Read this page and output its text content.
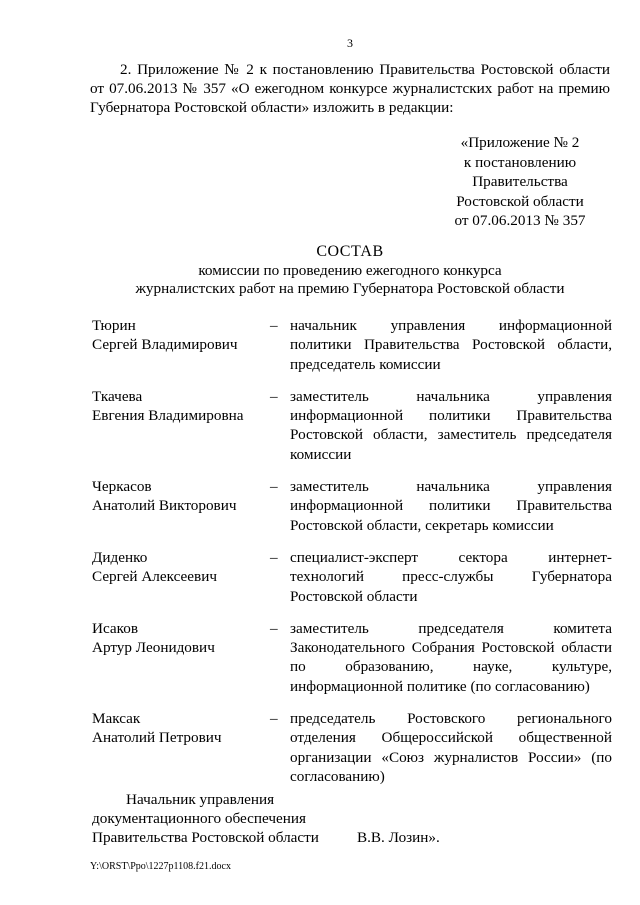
3
2. Приложение № 2 к постановлению Правительства Ростовской области от 07.06.2013 № 357 «О ежегодном конкурсе журналистских работ на премию Губернатора Ростовской области» изложить в редакции:
«Приложение № 2
к постановлению
Правительства
Ростовской области
от 07.06.2013 № 357
СОСТАВ
комиссии по проведению ежегодного конкурса
журналистских работ на премию Губернатора Ростовской области
Тюрин
Сергей Владимирович
– начальник управления информационной политики Правительства Ростовской области, председатель комиссии
Ткачева
Евгения Владимировна
– заместитель начальника управления информационной политики Правительства Ростовской области, заместитель председателя комиссии
Черкасов
Анатолий Викторович
– заместитель начальника управления информационной политики Правительства Ростовской области, секретарь комиссии
Диденко
Сергей Алексеевич
– специалист-эксперт сектора интернет-технологий пресс-службы Губернатора Ростовской области
Исаков
Артур Леонидович
– заместитель председателя комитета Законодательного Собрания Ростовской области по образованию, науке, культуре, информационной политике (по согласованию)
Максак
Анатолий Петрович
– председатель Ростовского регионального отделения Общероссийской общественной организации «Союз журналистов России» (по согласованию)
Начальник управления
документационного обеспечения
Правительства Ростовской области	В.В. Лозин».
Y:\ORST\Ppo\1227p1108.f21.docx
